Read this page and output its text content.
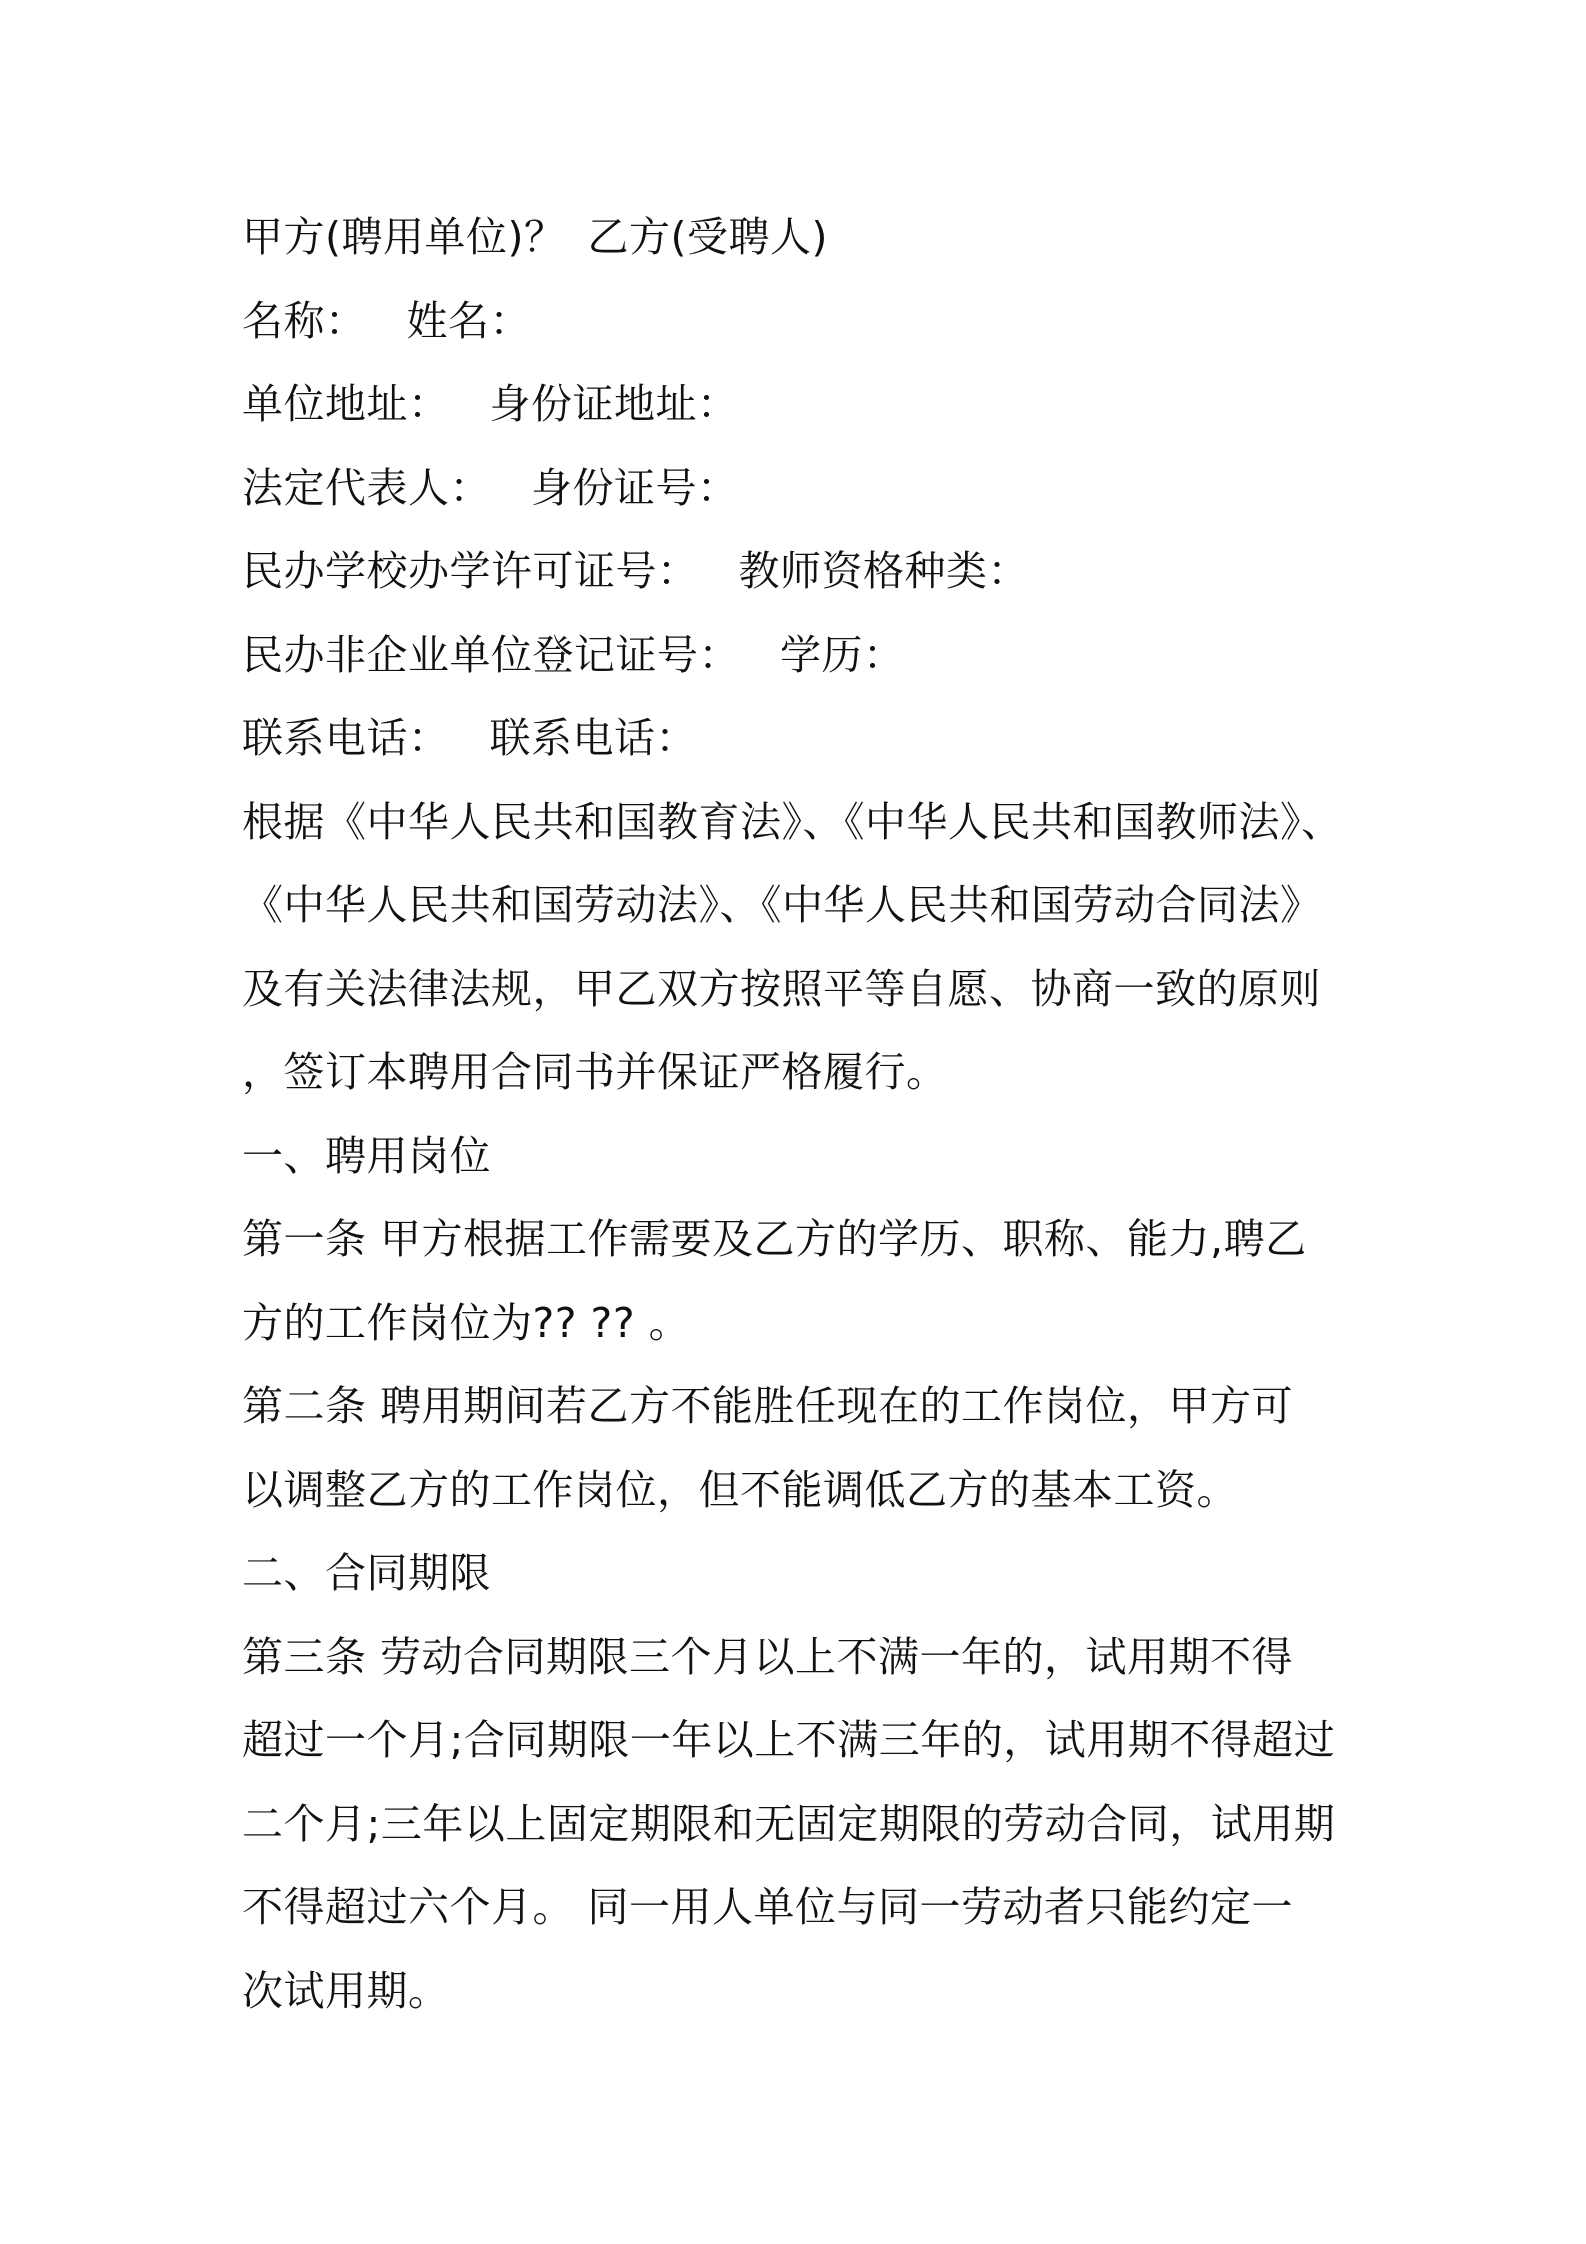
甲方(聘用单位)？ 乙方(受聘人)
名称： 姓名：
单位地址： 身份证地址：
法定代表人： 身份证号：
民办学校办学许可证号： 教师资格种类：
民办非企业单位登记证号： 学历：
联系电话： 联系电话：
根据《中华人民共和国教育法》、《中华人民共和国教师法》、
《中华人民共和国劳动法》、《中华人民共和国劳动合同法》
及有关法律法规，甲乙双方按照平等自愿、协商一致的原则
，签订本聘用合同书并保证严格履行。
一、聘用岗位
第一条 甲方根据工作需要及乙方的学历、职称、能力,聘乙
方的工作岗位为?? ?? 。
第二条 聘用期间若乙方不能胜任现在的工作岗位，甲方可
以调整乙方的工作岗位，但不能调低乙方的基本工资。
二、合同期限
第三条 劳动合同期限三个月以上不满一年的，试用期不得
超过一个月;合同期限一年以上不满三年的，试用期不得超过
二个月;三年以上固定期限和无固定期限的劳动合同，试用期
不得超过六个月。 同一用人单位与同一劳动者只能约定一
次试用期。
